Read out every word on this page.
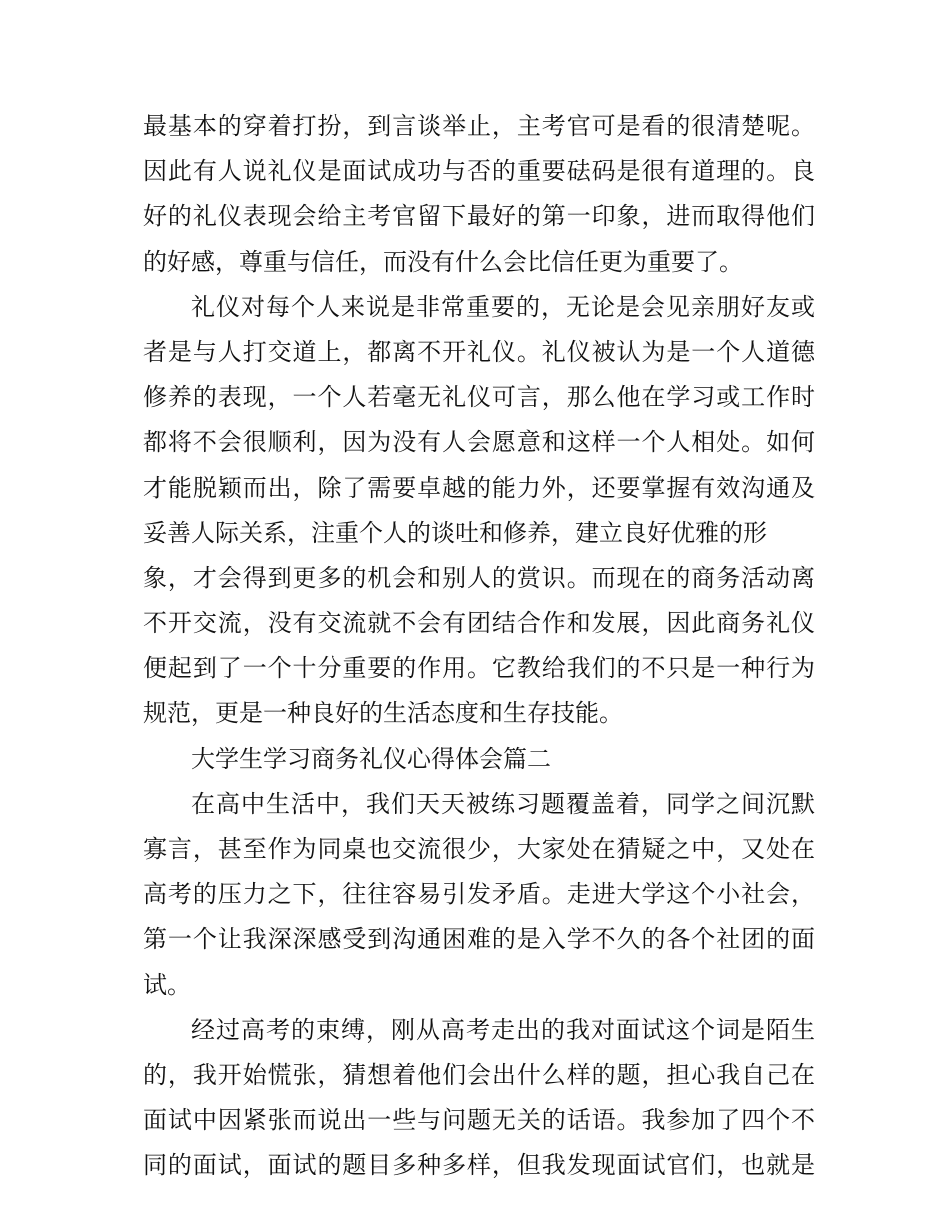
最基本的穿着打扮，到言谈举止，主考官可是看的很清楚呢。
因此有人说礼仪是面试成功与否的重要砝码是很有道理的。良
好的礼仪表现会给主考官留下最好的第一印象，进而取得他们
的好感，尊重与信任，而没有什么会比信任更为重要了。
礼仪对每个人来说是非常重要的，无论是会见亲朋好友或
者是与人打交道上，都离不开礼仪。礼仪被认为是一个人道德
修养的表现，一个人若毫无礼仪可言，那么他在学习或工作时
都将不会很顺利，因为没有人会愿意和这样一个人相处。如何
才能脱颖而出，除了需要卓越的能力外，还要掌握有效沟通及
妥善人际关系，注重个人的谈吐和修养，建立良好优雅的形
象，才会得到更多的机会和别人的赏识。而现在的商务活动离
不开交流，没有交流就不会有团结合作和发展，因此商务礼仪
便起到了一个十分重要的作用。它教给我们的不只是一种行为
规范，更是一种良好的生活态度和生存技能。
大学生学习商务礼仪心得体会篇二
在高中生活中，我们天天被练习题覆盖着，同学之间沉默
寡言，甚至作为同桌也交流很少，大家处在猜疑之中，又处在
高考的压力之下，往往容易引发矛盾。走进大学这个小社会，
第一个让我深深感受到沟通困难的是入学不久的各个社团的面
试。
经过高考的束缚，刚从高考走出的我对面试这个词是陌生
的，我开始慌张，猜想着他们会出什么样的题，担心我自己在
面试中因紧张而说出一些与问题无关的话语。我参加了四个不
同的面试，面试的题目多种多样，但我发现面试官们，也就是
